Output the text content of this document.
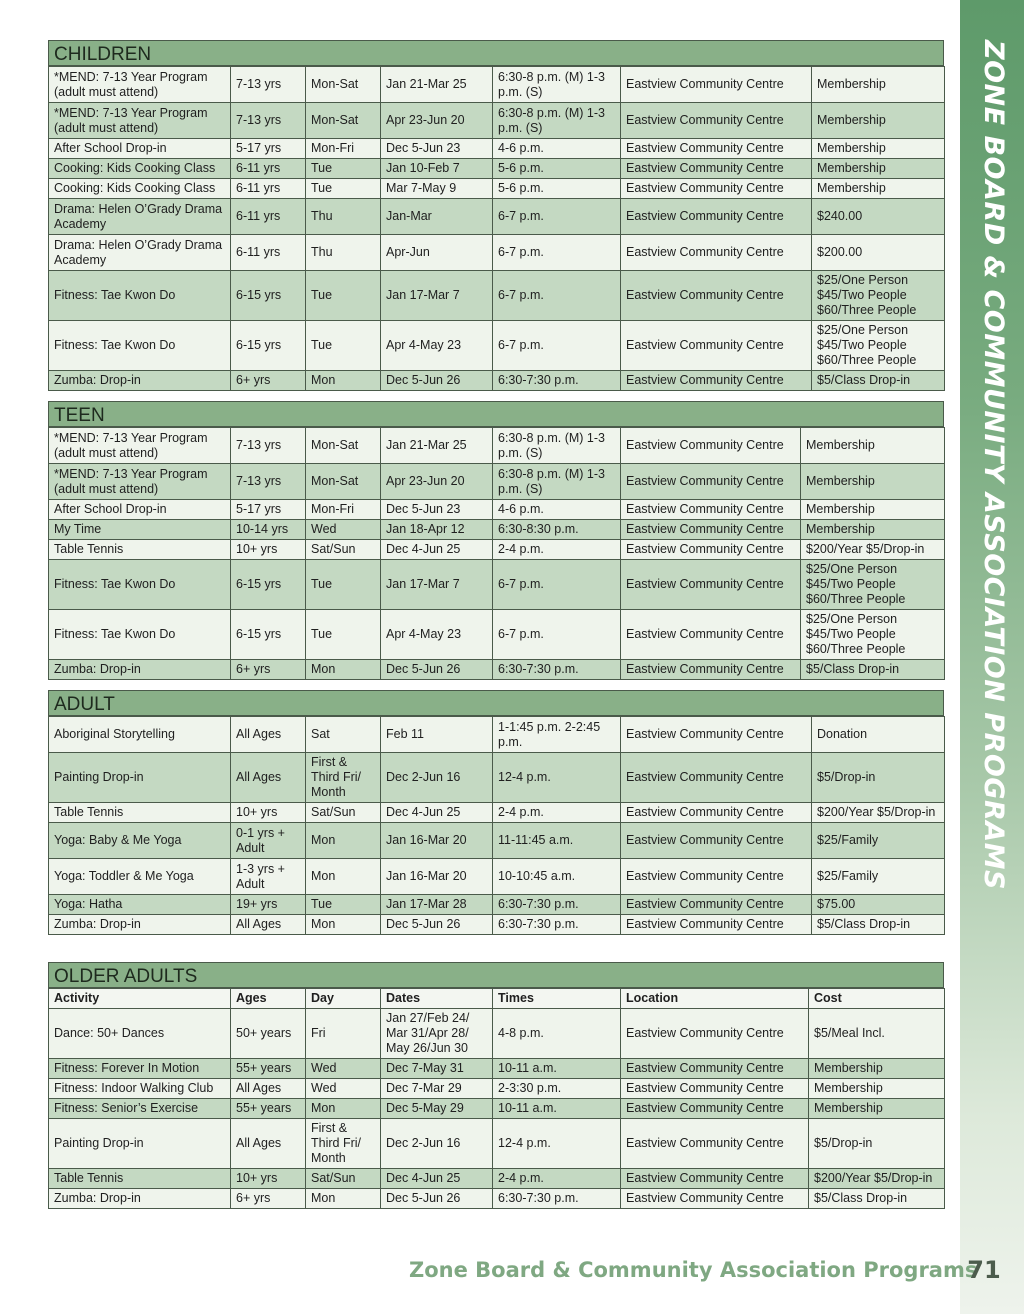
ZONE BOARD & COMMUNITY ASSOCIATION PROGRAMS
CHILDREN
*MEND: 7-13 Year Program (adult must attend)	7-13 yrs	Mon-Sat	Jan 21-Mar 25	6:30-8 p.m. (M) 1-3 p.m. (S)	Eastview Community Centre	Membership
*MEND: 7-13 Year Program (adult must attend)	7-13 yrs	Mon-Sat	Apr 23-Jun 20	6:30-8 p.m. (M) 1-3 p.m. (S)	Eastview Community Centre	Membership
After School Drop-in	5-17 yrs	Mon-Fri	Dec 5-Jun 23	4-6 p.m.	Eastview Community Centre	Membership
Cooking: Kids Cooking Class	6-11 yrs	Tue	Jan 10-Feb 7	5-6 p.m.	Eastview Community Centre	Membership
Cooking: Kids Cooking Class	6-11 yrs	Tue	Mar 7-May 9	5-6 p.m.	Eastview Community Centre	Membership
Drama: Helen O’Grady Drama Academy	6-11 yrs	Thu	Jan-Mar	6-7 p.m.	Eastview Community Centre	$240.00
Drama: Helen O’Grady Drama Academy	6-11 yrs	Thu	Apr-Jun	6-7 p.m.	Eastview Community Centre	$200.00
Fitness: Tae Kwon Do	6-15 yrs	Tue	Jan 17-Mar 7	6-7 p.m.	Eastview Community Centre	$25/One Person
$45/Two People
$60/Three People
Fitness: Tae Kwon Do	6-15 yrs	Tue	Apr 4-May 23	6-7 p.m.	Eastview Community Centre	$25/One Person
$45/Two People
$60/Three People
Zumba: Drop-in	6+ yrs	Mon	Dec 5-Jun 26	6:30-7:30 p.m.	Eastview Community Centre	$5/Class Drop-in
TEEN
*MEND: 7-13 Year Program (adult must attend)	7-13 yrs	Mon-Sat	Jan 21-Mar 25	6:30-8 p.m. (M) 1-3 p.m. (S)	Eastview Community Centre	Membership
*MEND: 7-13 Year Program (adult must attend)	7-13 yrs	Mon-Sat	Apr 23-Jun 20	6:30-8 p.m. (M) 1-3 p.m. (S)	Eastview Community Centre	Membership
After School Drop-in	5-17 yrs	Mon-Fri	Dec 5-Jun 23	4-6 p.m.	Eastview Community Centre	Membership
My Time	10-14 yrs	Wed	Jan 18-Apr 12	6:30-8:30 p.m.	Eastview Community Centre	Membership
Table Tennis	10+ yrs	Sat/Sun	Dec 4-Jun 25	2-4 p.m.	Eastview Community Centre	$200/Year $5/Drop-in
Fitness: Tae Kwon Do	6-15 yrs	Tue	Jan 17-Mar 7	6-7 p.m.	Eastview Community Centre	$25/One Person
$45/Two People
$60/Three People
Fitness: Tae Kwon Do	6-15 yrs	Tue	Apr 4-May 23	6-7 p.m.	Eastview Community Centre	$25/One Person
$45/Two People
$60/Three People
Zumba: Drop-in	6+ yrs	Mon	Dec 5-Jun 26	6:30-7:30 p.m.	Eastview Community Centre	$5/Class Drop-in
ADULT
Aboriginal Storytelling	All Ages	Sat	Feb 11	1-1:45 p.m. 2-2:45 p.m.	Eastview Community Centre	Donation
Painting Drop-in	All Ages	First &
Third Fri/
Month	Dec 2-Jun 16	12-4 p.m.	Eastview Community Centre	$5/Drop-in
Table Tennis	10+ yrs	Sat/Sun	Dec 4-Jun 25	2-4 p.m.	Eastview Community Centre	$200/Year $5/Drop-in
Yoga: Baby & Me Yoga	0-1 yrs + Adult	Mon	Jan 16-Mar 20	11-11:45 a.m.	Eastview Community Centre	$25/Family
Yoga: Toddler & Me Yoga	1-3 yrs + Adult	Mon	Jan 16-Mar 20	10-10:45 a.m.	Eastview Community Centre	$25/Family
Yoga: Hatha	19+ yrs	Tue	Jan 17-Mar 28	6:30-7:30 p.m.	Eastview Community Centre	$75.00
Zumba: Drop-in	All Ages	Mon	Dec 5-Jun 26	6:30-7:30 p.m.	Eastview Community Centre	$5/Class Drop-in
OLDER ADULTS
Activity	Ages	Day	Dates	Times	Location	Cost
Dance: 50+ Dances	50+ years	Fri	Jan 27/Feb 24/
Mar 31/Apr 28/
May 26/Jun 30	4-8 p.m.	Eastview Community Centre	$5/Meal Incl.
Fitness: Forever In Motion	55+ years	Wed	Dec 7-May 31	10-11 a.m.	Eastview Community Centre	Membership
Fitness: Indoor Walking Club	All Ages	Wed	Dec 7-Mar 29	2-3:30 p.m.	Eastview Community Centre	Membership
Fitness: Senior’s Exercise	55+ years	Mon	Dec 5-May 29	10-11 a.m.	Eastview Community Centre	Membership
Painting Drop-in	All Ages	First &
Third Fri/
Month	Dec 2-Jun 16	12-4 p.m.	Eastview Community Centre	$5/Drop-in
Table Tennis	10+ yrs	Sat/Sun	Dec 4-Jun 25	2-4 p.m.	Eastview Community Centre	$200/Year $5/Drop-in
Zumba: Drop-in	6+ yrs	Mon	Dec 5-Jun 26	6:30-7:30 p.m.	Eastview Community Centre	$5/Class Drop-in
Zone Board & Community Association Programs
71
